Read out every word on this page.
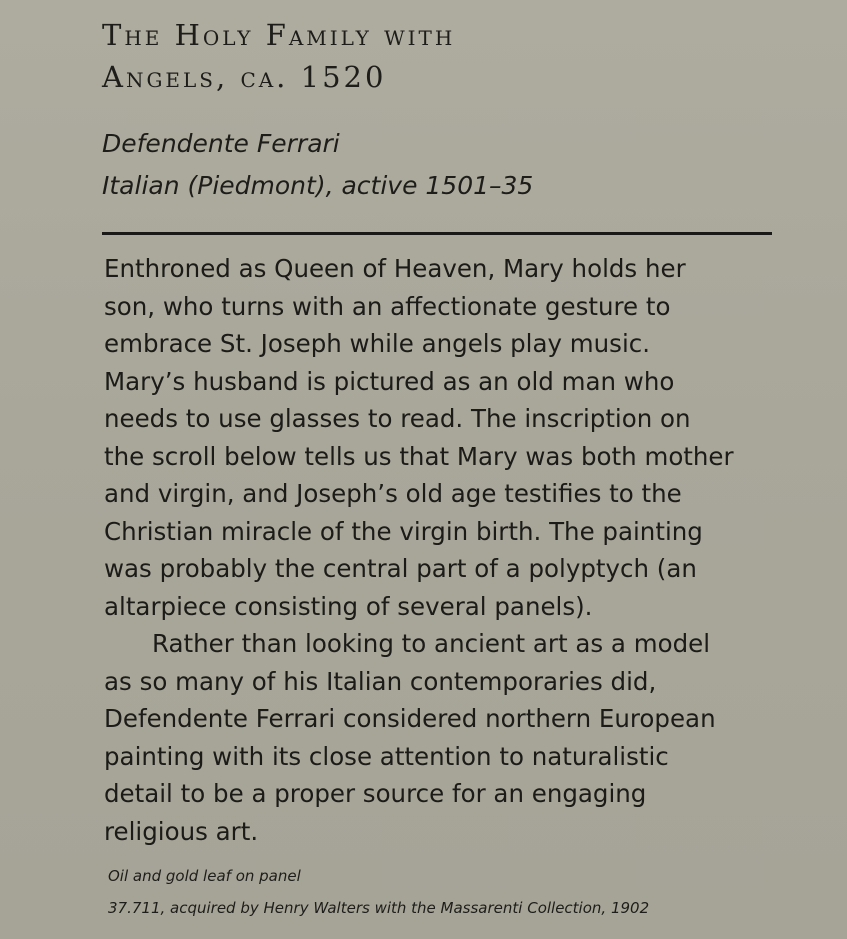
The Holy Family with
Angels, ca. 1520
Defendente Ferrari
Italian (Piedmont), active 1501–35
Enthroned as Queen of Heaven, Mary holds her
son, who turns with an affectionate gesture to
embrace St. Joseph while angels play music.
Mary’s husband is pictured as an old man who
needs to use glasses to read. The inscription on
the scroll below tells us that Mary was both mother
and virgin, and Joseph’s old age testifies to the
Christian miracle of the virgin birth. The painting
was probably the central part of a polyptych (an
altarpiece consisting of several panels).
Rather than looking to ancient art as a model
as so many of his Italian contemporaries did,
Defendente Ferrari considered northern European
painting with its close attention to naturalistic
detail to be a proper source for an engaging
religious art.
Oil and gold leaf on panel
37.711, acquired by Henry Walters with the Massarenti Collection, 1902
